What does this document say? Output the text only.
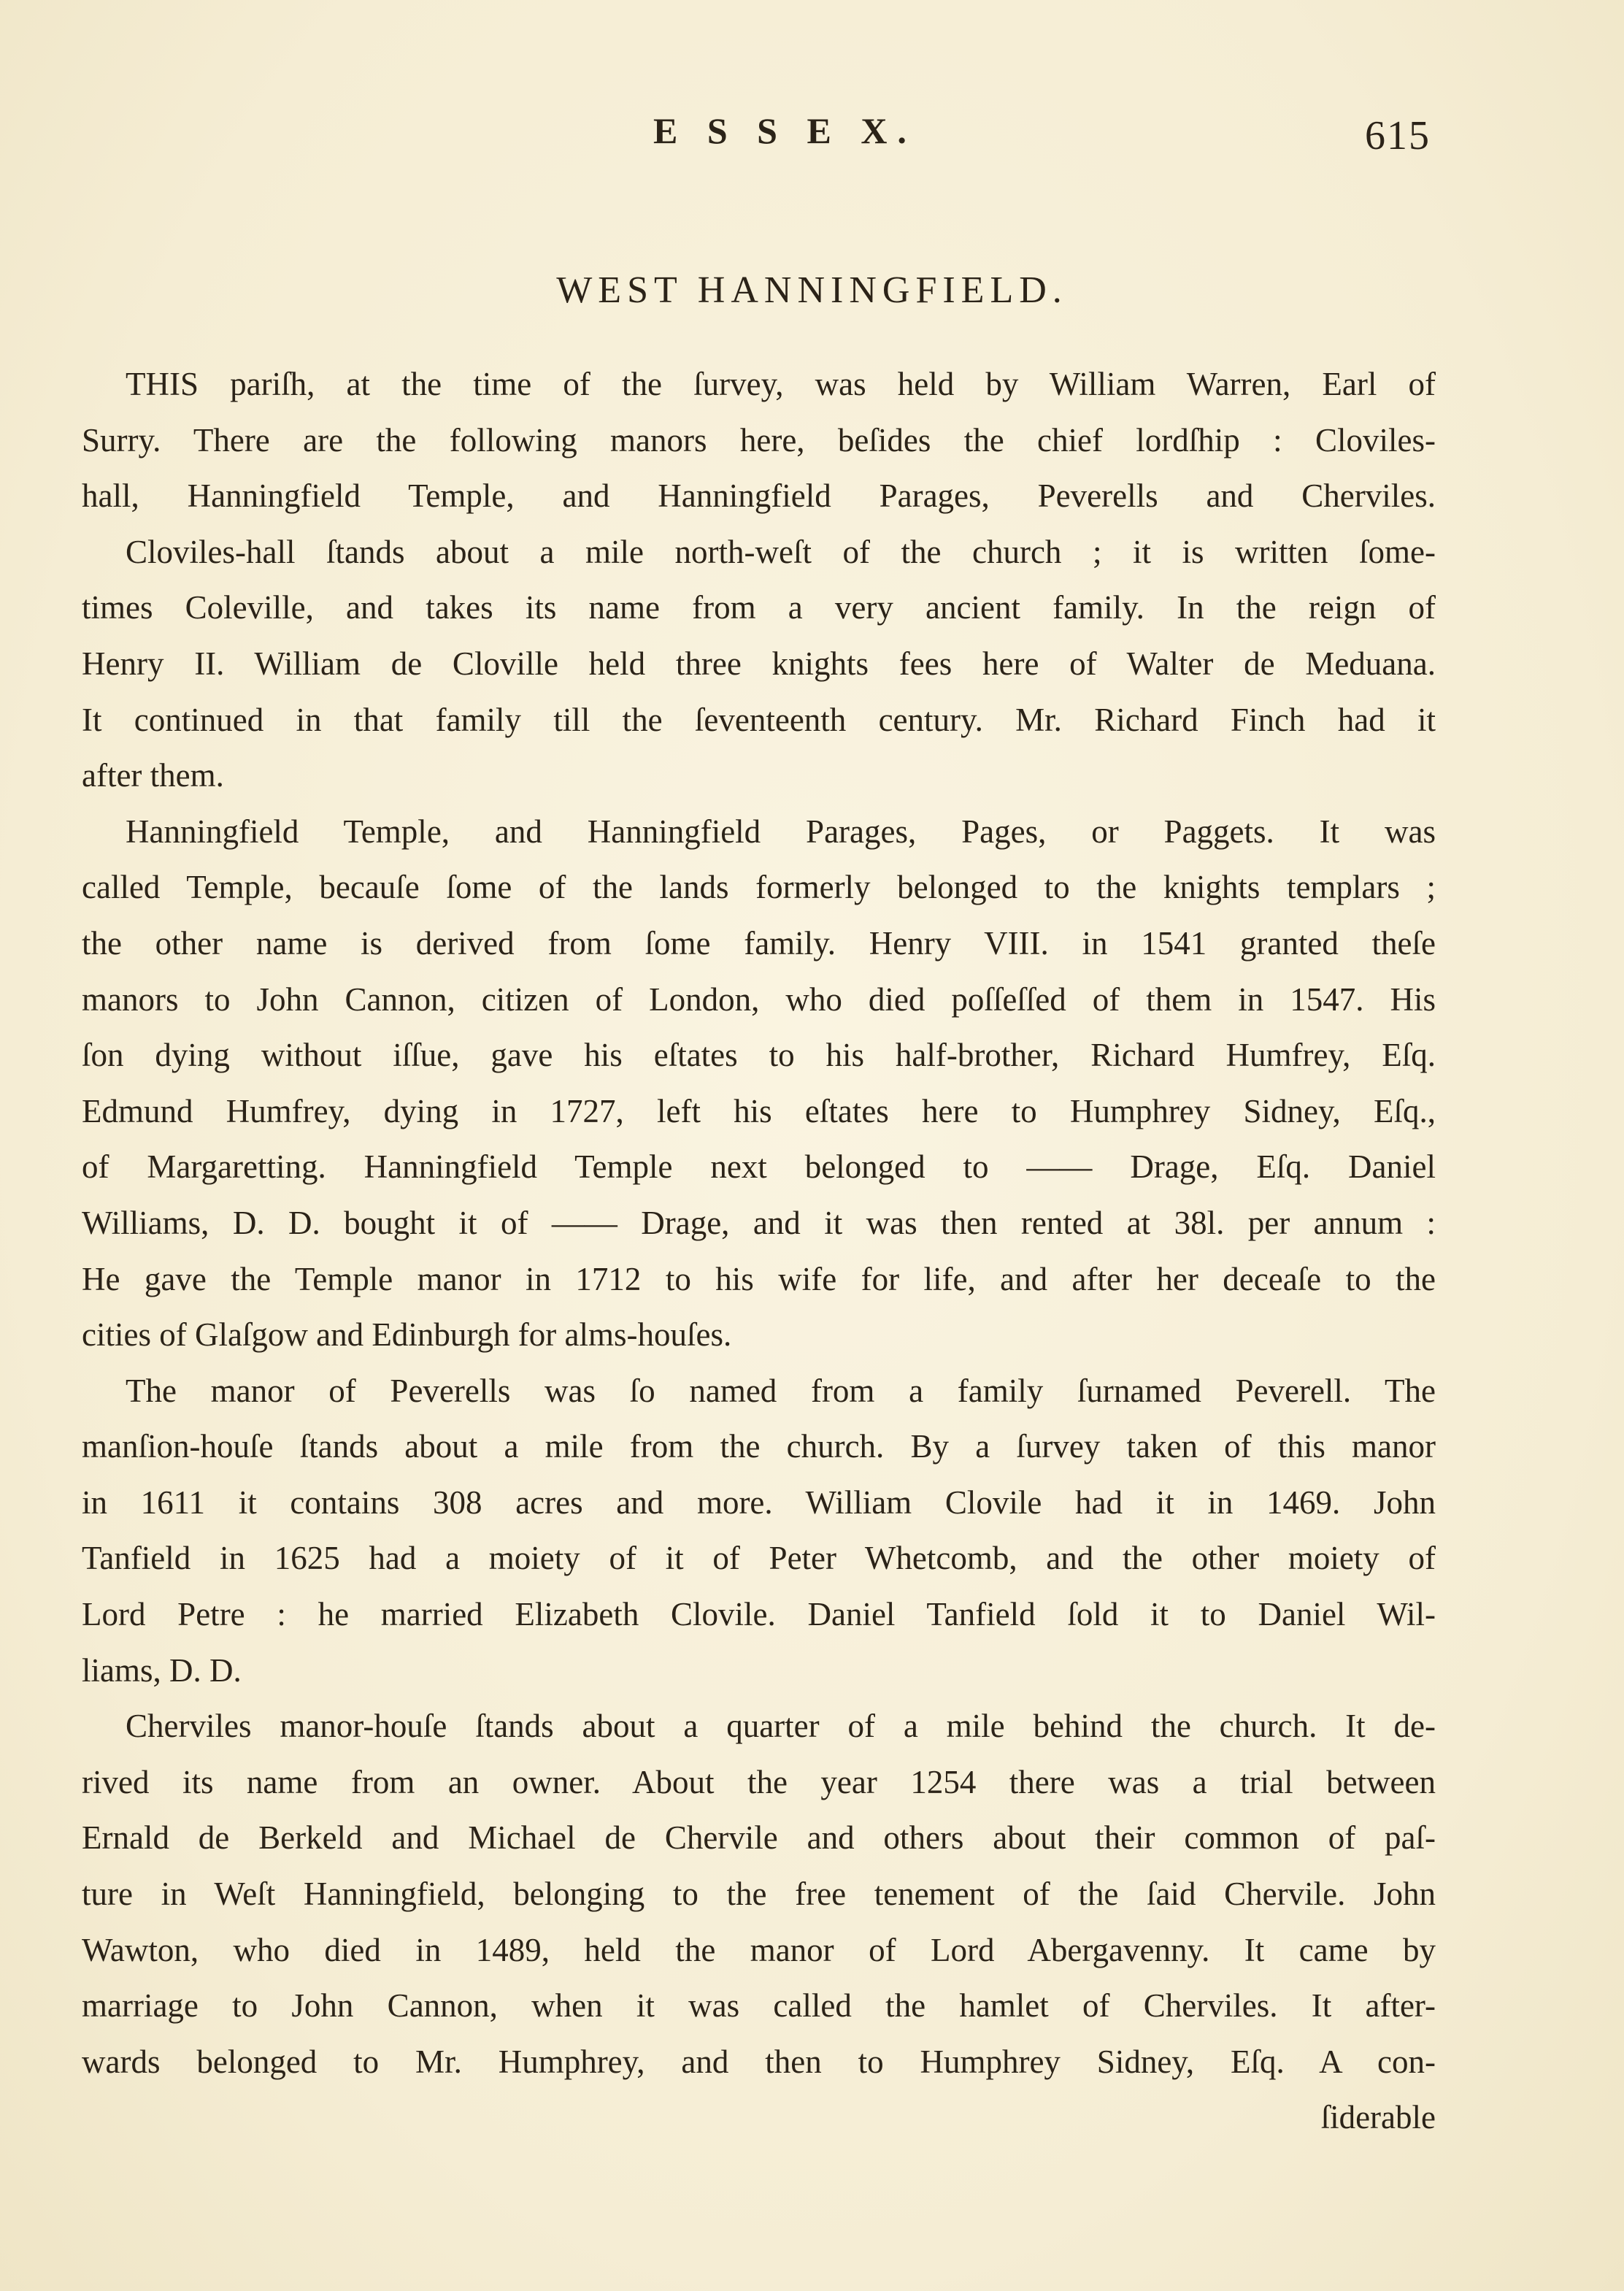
E S S E X.	615
WEST HANNINGFIELD.
THIS pariſh, at the time of the ſurvey, was held by William Warren, Earl of
Surry. There are the following manors here, beſides the chief lordſhip : Cloviles-
hall, Hanningfield Temple, and Hanningfield Parages, Peverells and Cherviles.
Cloviles-hall ſtands about a mile north-weſt of the church ; it is written ſome-
times Coleville, and takes its name from a very ancient family. In the reign of
Henry II. William de Cloville held three knights fees here of Walter de Meduana.
It continued in that family till the ſeventeenth century. Mr. Richard Finch had it
after them.
Hanningfield Temple, and Hanningfield Parages, Pages, or Paggets. It was
called Temple, becauſe ſome of the lands formerly belonged to the knights templars ;
the other name is derived from ſome family. Henry VIII. in 1541 granted theſe
manors to John Cannon, citizen of London, who died poſſeſſed of them in 1547. His
ſon dying without iſſue, gave his eſtates to his half-brother, Richard Humfrey, Eſq.
Edmund Humfrey, dying in 1727, left his eſtates here to Humphrey Sidney, Eſq.,
of Margaretting. Hanningfield Temple next belonged to —— Drage, Eſq. Daniel
Williams, D. D. bought it of —— Drage, and it was then rented at 38l. per annum :
He gave the Temple manor in 1712 to his wife for life, and after her deceaſe to the
cities of Glaſgow and Edinburgh for alms-houſes.
The manor of Peverells was ſo named from a family ſurnamed Peverell. The
manſion-houſe ſtands about a mile from the church. By a ſurvey taken of this manor
in 1611 it contains 308 acres and more. William Clovile had it in 1469. John
Tanfield in 1625 had a moiety of it of Peter Whetcomb, and the other moiety of
Lord Petre : he married Elizabeth Clovile. Daniel Tanfield ſold it to Daniel Wil-
liams, D. D.
Cherviles manor-houſe ſtands about a quarter of a mile behind the church. It de-
rived its name from an owner. About the year 1254 there was a trial between
Ernald de Berkeld and Michael de Chervile and others about their common of paſ-
ture in Weſt Hanningfield, belonging to the free tenement of the ſaid Chervile. John
Wawton, who died in 1489, held the manor of Lord Abergavenny. It came by
marriage to John Cannon, when it was called the hamlet of Cherviles. It after-
wards belonged to Mr. Humphrey, and then to Humphrey Sidney, Eſq. A con-
ſiderable
